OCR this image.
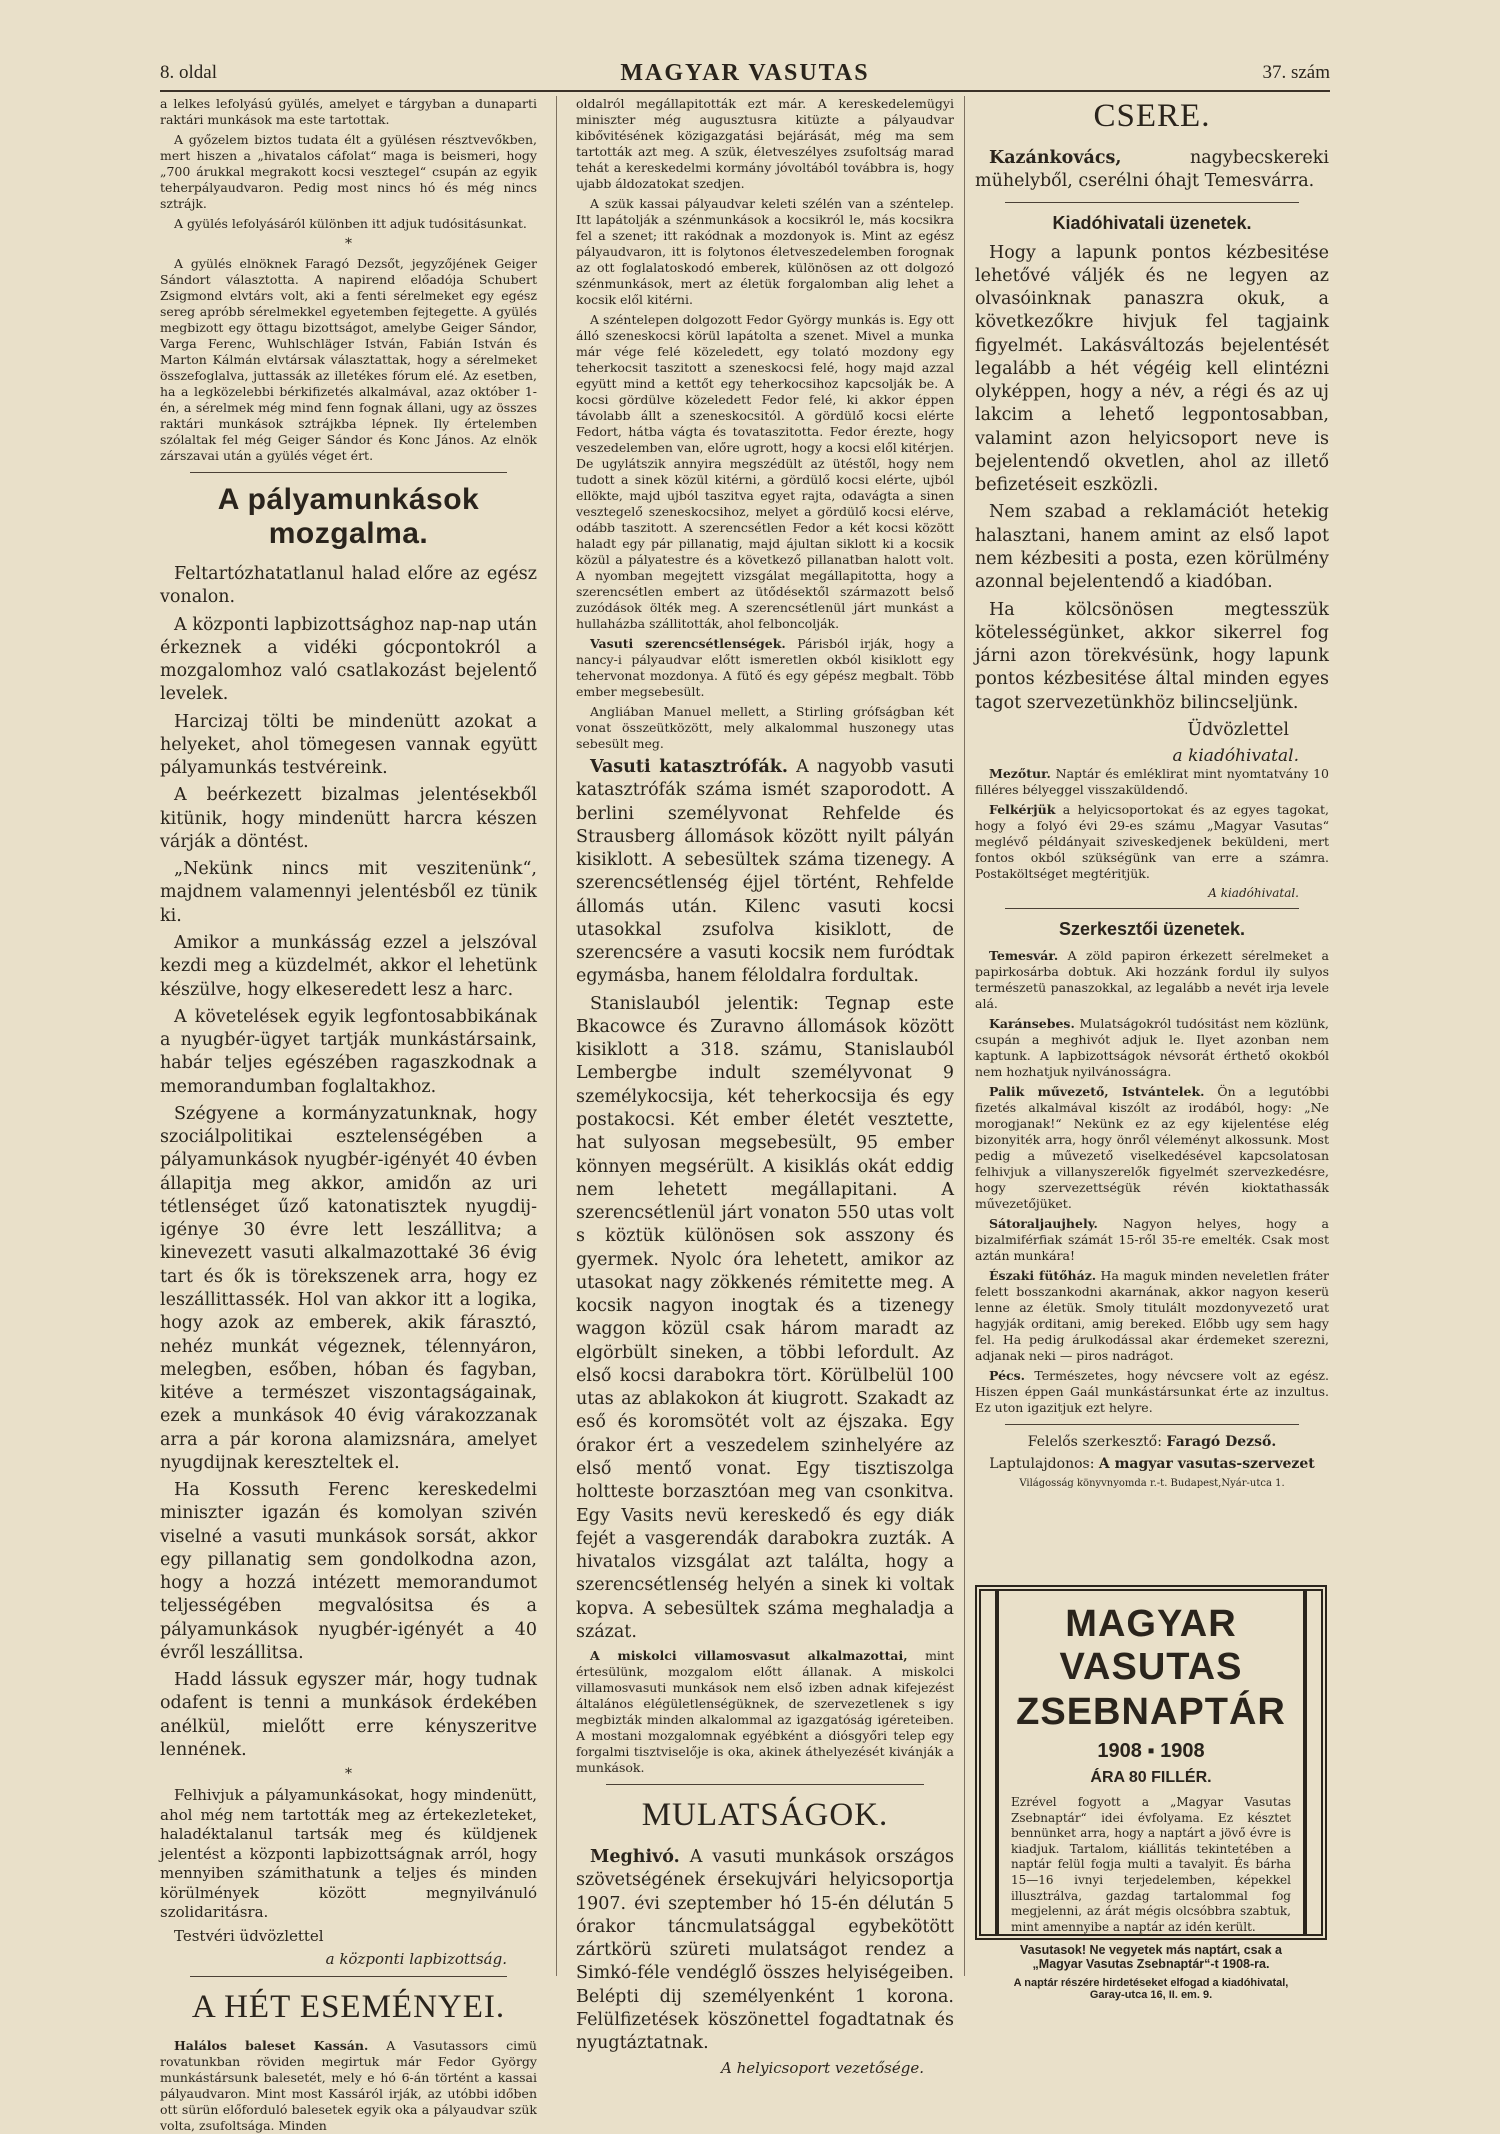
8. oldal	MAGYAR VASUTAS	37. szám

a lelkes lefolyású gyülés, amelyet e tárgyban a dunaparti raktári munkások ma este tartottak.

A győzelem biztos tudata élt a gyülésen résztvevőkben, mert hiszen a „hivatalos cáfolat“ maga is beismeri, hogy „700 árukkal megrakott kocsi vesztegel“ csupán az egyik teherpályaudvaron. Pedig most nincs hó és még nincs sztrájk.

A gyülés lefolyásáról különben itt adjuk tudósitásunkat.

*

A gyülés elnöknek Faragó Dezsőt, jegyzőjének Geiger Sándort választotta. A napirend előadója Schubert Zsigmond elvtárs volt, aki a fenti sérelmeket egy egész sereg apróbb sérelmekkel egyetemben fejtegette. A gyülés megbizott egy öttagu bizottságot, amelybe Geiger Sándor, Varga Ferenc, Wuhlschläger István, Fabián István és Marton Kálmán elvtársak választattak, hogy a sérelmeket összefoglalva, juttassák az illetékes fórum elé. Az esetben, ha a legközelebbi bérkifizetés alkalmával, azaz október 1-én, a sérelmek még mind fenn fognak állani, ugy az összes raktári munkások sztrájkba lépnek. Ily értelemben szólaltak fel még Geiger Sándor és Konc János. Az elnök zárszavai után a gyülés véget ért.

A pályamunkások mozgalma.

Feltartózhatatlanul halad előre az egész vonalon.

A központi lapbizottsághoz nap-nap után érkeznek a vidéki gócpontokról a mozgalomhoz való csatlakozást bejelentő levelek.

Harcizaj tölti be mindenütt azokat a helyeket, ahol tömegesen vannak együtt pályamunkás testvéreink.

A beérkezett bizalmas jelentésekből kitünik, hogy mindenütt harcra készen várják a döntést.

„Nekünk nincs mit veszitenünk“, majdnem valamennyi jelentésből ez tünik ki.

Amikor a munkásság ezzel a jelszóval kezdi meg a küzdelmét, akkor el lehetünk készülve, hogy elkeseredett lesz a harc.

A követelések egyik legfontosabbikának a nyugbér-ügyet tartják munkástársaink, habár teljes egészében ragaszkodnak a memorandumban foglaltakhoz.

Szégyene a kormányzatunknak, hogy szociálpolitikai esztelenségében a pályamunkások nyugbér-igényét 40 évben állapitja meg akkor, amidőn az uri tétlenséget űző katonatisztek nyugdij-igénye 30 évre lett leszállitva; a kinevezett vasuti alkalmazottaké 36 évig tart és ők is törekszenek arra, hogy ez leszállittassék. Hol van akkor itt a logika, hogy azok az emberek, akik fárasztó, nehéz munkát végeznek, télennyáron, melegben, esőben, hóban és fagyban, kitéve a természet viszontagságainak, ezek a munkások 40 évig várakozzanak arra a pár korona alamizsnára, amelyet nyugdijnak kereszteltek el.

Ha Kossuth Ferenc kereskedelmi miniszter igazán és komolyan szivén viselné a vasuti munkások sorsát, akkor egy pillanatig sem gondolkodna azon, hogy a hozzá intézett memorandumot teljességében megvalósitsa és a pályamunkások nyugbér-igényét a 40 évről leszállitsa.

Hadd lássuk egyszer már, hogy tudnak odafent is tenni a munkások érdekében anélkül, mielőtt erre kényszeritve lennének.

*

Felhivjuk a pályamunkásokat, hogy mindenütt, ahol még nem tartották meg az értekezleteket, haladéktalanul tartsák meg és küldjenek jelentést a központi lapbizottságnak arról, hogy mennyiben számithatunk a teljes és minden körülmények között megnyilvánuló szolidaritásra.

Testvéri üdvözlettel

a központi lapbizottság.
A HÉT ESEMÉNYEI.

Halálos baleset Kassán. A Vasutassors cimü rovatunkban röviden megirtuk már Fedor György munkástársunk balesetét, mely e hó 6-án történt a kassai pályaudvaron. Mint most Kassáról irják, az utóbbi időben ott sürün előforduló balesetek egyik oka a pályaudvar szük volta, zsufoltsága. Minden

oldalról megállapitották ezt már. A kereskedelemügyi miniszter még augusztusra kitüzte a pályaudvar kibővitésének közigazgatási bejárását, még ma sem tartották azt meg. A szük, életveszélyes zsufoltság marad tehát a kereskedelmi kormány jóvoltából továbbra is, hogy ujabb áldozatokat szedjen.

A szük kassai pályaudvar keleti szélén van a széntelep. Itt lapátolják a szénmunkások a kocsikról le, más kocsikra fel a szenet; itt rakódnak a mozdonyok is. Mint az egész pályaudvaron, itt is folytonos életveszedelemben forognak az ott foglalatoskodó emberek, különösen az ott dolgozó szénmunkások, mert az életük forgalomban alig lehet a kocsik elől kitérni.

A széntelepen dolgozott Fedor György munkás is. Egy ott álló szeneskocsi körül lapátolta a szenet. Mivel a munka már vége felé közeledett, egy tolató mozdony egy teherkocsit taszitott a szeneskocsi felé, hogy majd azzal együtt mind a kettőt egy teherkocsihoz kapcsolják be. A kocsi gördülve közeledett Fedor felé, ki akkor éppen távolabb állt a szeneskocsitól. A gördülő kocsi elérte Fedort, hátba vágta és tovataszitotta. Fedor érezte, hogy veszedelemben van, előre ugrott, hogy a kocsi elől kitérjen. De ugylátszik annyira megszédült az ütéstől, hogy nem tudott a sinek közül kitérni, a gördülő kocsi elérte, ujból ellökte, majd ujból taszitva egyet rajta, odavágta a sinen vesztegelő szeneskocsihoz, melyet a gördülő kocsi elérve, odább taszitott. A szerencsétlen Fedor a két kocsi között haladt egy pár pillanatig, majd ájultan siklott ki a kocsik közül a pályatestre és a következő pillanatban halott volt. A nyomban megejtett vizsgálat megállapitotta, hogy a szerencsétlen embert az ütődésektől származott belső zuzódások ölték meg. A szerencsétlenül járt munkást a hullaházba szállitották, ahol felboncolják.

Vasuti szerencsétlenségek. Párisból irják, hogy a nancy-i pályaudvar előtt ismeretlen okból kisiklott egy tehervonat mozdonya. A fütő és egy gépész megbalt. Több ember megsebesült.

Angliában Manuel mellett, a Stirling grófságban két vonat összeütközött, mely alkalommal huszonegy utas sebesült meg.

Vasuti katasztrófák. A nagyobb vasuti katasztrófák száma ismét szaporodott. A berlini személyvonat Rehfelde és Strausberg állomások között nyilt pályán kisiklott. A sebesültek száma tizenegy. A szerencsétlenség éjjel történt, Rehfelde állomás után. Kilenc vasuti kocsi utasokkal zsufolva kisiklott, de szerencsére a vasuti kocsik nem furódtak egymásba, hanem féloldalra fordultak.

Stanislauból jelentik: Tegnap este Bkacowce és Zuravno állomások között kisiklott a 318. számu, Stanislauból Lembergbe indult személyvonat 9 személykocsija, két teherkocsija és egy postakocsi. Két ember életét vesztette, hat sulyosan megsebesült, 95 ember könnyen megsérült. A kisiklás okát eddig nem lehetett megállapitani. A szerencsétlenül járt vonaton 550 utas volt s köztük különösen sok asszony és gyermek. Nyolc óra lehetett, amikor az utasokat nagy zökkenés rémitette meg. A kocsik nagyon inogtak és a tizenegy waggon közül csak három maradt az elgörbült sineken, a többi lefordult. Az első kocsi darabokra tört. Körülbelül 100 utas az ablakokon át kiugrott. Szakadt az eső és koromsötét volt az éjszaka. Egy órakor ért a veszedelem szinhelyére az első mentő vonat. Egy tisztiszolga holtteste borzasztóan meg van csonkitva. Egy Vasits nevü kereskedő és egy diák fejét a vasgerendák darabokra zuzták. A hivatalos vizsgálat azt találta, hogy a szerencsétlenség helyén a sinek ki voltak kopva. A sebesültek száma meghaladja a százat.

A miskolci villamosvasut alkalmazottai, mint értesülünk, mozgalom előtt állanak. A miskolci villamosvasuti munkások nem első izben adnak kifejezést általános elégületlenségüknek, de szervezetlenek s igy megbizták minden alkalommal az igazgatóság igéreteiben. A mostani mozgalomnak egyébként a diósgyőri telep egy forgalmi tisztviselője is oka, akinek áthelyezését kivánják a munkások.

MULATSÁGOK.

Meghivó. A vasuti munkások országos szövetségének érsekujvári helyicsoportja 1907. évi szeptember hó 15-én délután 5 órakor táncmulatsággal egybekötött zártkörü szüreti mulatságot rendez a Simkó-féle vendéglő összes helyiségeiben. Belépti dij személyenként 1 korona. Felülfizetések köszönettel fogadtatnak és nyugtáztatnak.

A helyicsoport vezetősége.
CSERE.

Kazánkovács,	nagybecskereki mühelyből, cserélni óhajt Temesvárra.

Kiadóhivatali üzenetek.

Hogy a lapunk pontos kézbesitése lehetővé váljék és ne legyen az olvasóinknak panaszra okuk, a következőkre hivjuk fel tagjaink figyelmét. Lakásváltozás bejelentését legalább a hét végéig kell elintézni olyképpen, hogy a név, a régi és az uj lakcim a lehető legpontosabban, valamint azon helyicsoport neve is bejelentendő okvetlen, ahol az illető befizetéseit eszközli.

Nem szabad a reklamációt hetekig halasztani, hanem amint az első lapot nem kézbesiti a posta, ezen körülmény azonnal bejelentendő a kiadóban.

Ha kölcsönösen megtesszük kötelességünket, akkor sikerrel fog járni azon törekvésünk, hogy lapunk pontos kézbesitése által minden egyes tagot szervezetünkhöz bilincseljünk.

Üdvözlettel

a kiadóhivatal.

Mezőtur. Naptár és emléklirat mint nyomtatvány 10 filléres bélyeggel visszaküldendő.

Felkérjük a helyicsoportokat és az egyes tagokat, hogy a folyó évi 29-es számu „Magyar Vasutas“ meglévő példányait sziveskedjenek beküldeni, mert fontos okból szükségünk van erre a számra. Postaköltséget megtéritjük.

A kiadóhivatal.
Szerkesztői üzenetek.

Temesvár. A zöld papiron érkezett sérelmeket a papirkosárba dobtuk. Aki hozzánk fordul ily sulyos természetü panaszokkal, az legalább a nevét irja levele alá.

Karánsebes. Mulatságokról tudósitást nem közlünk, csupán a meghivót adjuk le. Ilyet azonban nem kaptunk. A lapbizottságok névsorát érthető okokból nem hozhatjuk nyilvánosságra.

Palik művezető, Istvántelek. Ön a legutóbbi fizetés alkalmával kiszólt az irodából, hogy: „Ne morogjanak!“ Nekünk ez az egy kijelentése elég bizonyiték arra, hogy önről véleményt alkossunk. Most pedig a művezető viselkedésével kapcsolatosan felhivjuk a villanyszerelők figyelmét szervezkedésre, hogy szervezettségük révén kioktathassák művezetőjüket.

Sátoraljaujhely. Nagyon helyes, hogy a bizalmiférfiak számát 15-ről 35-re emelték. Csak most aztán munkára!

Északi fütőház. Ha maguk minden neveletlen fráter felett bosszankodni akarnának, akkor nagyon keserü lenne az életük. Smoly titulált mozdonyvezető urat hagyják orditani, amig bereked. Előbb ugy sem hagy fel. Ha pedig árulkodással akar érdemeket szerezni, adjanak neki — piros nadrágot.

Pécs. Természetes, hogy névcsere volt az egész. Hiszen éppen Gaál munkástársunkat érte az inzultus. Ez uton igazitjuk ezt helyre.

Felelős szerkesztő: Faragó Dezső.

Laptulajdonos: A magyar vasutas-szervezet

Világosság könyvnyomda r.-t. Budapest,Nyár-utca 1.

MAGYAR VASUTAS
ZSEBNAPTÁR
1908 ▪ 1908
ÁRA 80 FILLÉR.
Ezrével fogyott a „Magyar Vasutas Zsebnaptár“ idei évfolyama. Ez késztet bennünket arra, hogy a naptárt a jövő évre is kiadjuk. Tartalom, kiállitás tekintetében a naptár felül fogja multi a tavalyit. És bárha 15—16 ivnyi terjedelemben, képekkel illusztrálva, gazdag tartalommal fog megjelenni, az árát mégis olcsóbbra szabtuk, mint amennyibe a naptár az idén került.
Vasutasok! Ne vegyetek más naptárt, csak a „Magyar Vasutas Zsebnaptár“-t 1908-ra.
A naptár részére hirdetéseket elfogad a kiadóhivatal, Garay-utca 16, II. em. 9.
